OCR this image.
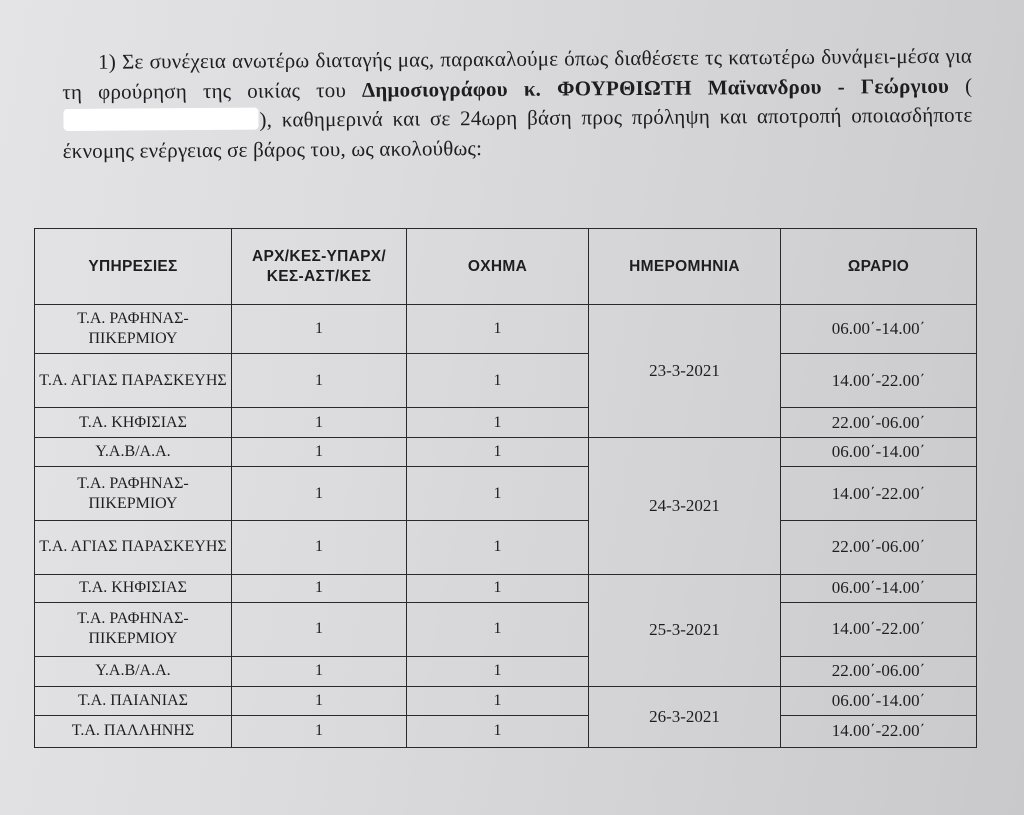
1) Σε συνέχεια ανωτέρω διαταγής μας, παρακαλούμε όπως διαθέσετε τς κατωτέρω δυνάμει-μέσα για τη φρούρηση της οικίας του Δημοσιογράφου κ. ΦΟΥΡΘΙΩΤΗ Μαϊνανδρου - Γεώργιου (), καθημερινά και σε 24ωρη βάση προς πρόληψη και αποτροπή οποιασδήποτε έκνομης ενέργειας σε βάρος του, ως ακολούθως:
ΥΠΗΡΕΣΙΕΣ	ΑΡΧ/ΚΕΣ-ΥΠΑΡΧ/ΚΕΣ-ΑΣΤ/ΚΕΣ	ΟΧΗΜΑ	ΗΜΕΡΟΜΗΝΙΑ	ΩΡΑΡΙΟ
Τ.Α. ΡΑΦΗΝΑΣ-ΠΙΚΕΡΜΙΟΥ	1	1	23-3-2021	06.00΄-14.00΄
Τ.Α. ΑΓΙΑΣ ΠΑΡΑΣΚΕΥΗΣ	1	1		14.00΄-22.00΄
Τ.Α. ΚΗΦΙΣΙΑΣ	1	1		22.00΄-06.00΄
Υ.Α.Β/Α.Α.	1	1	24-3-2021	06.00΄-14.00΄
Τ.Α. ΡΑΦΗΝΑΣ-ΠΙΚΕΡΜΙΟΥ	1	1		14.00΄-22.00΄
Τ.Α. ΑΓΙΑΣ ΠΑΡΑΣΚΕΥΗΣ	1	1		22.00΄-06.00΄
Τ.Α. ΚΗΦΙΣΙΑΣ	1	1	25-3-2021	06.00΄-14.00΄
Τ.Α. ΡΑΦΗΝΑΣ-ΠΙΚΕΡΜΙΟΥ	1	1		14.00΄-22.00΄
Υ.Α.Β/Α.Α.	1	1		22.00΄-06.00΄
Τ.Α. ΠΑΙΑΝΙΑΣ	1	1	26-3-2021	06.00΄-14.00΄
Τ.Α. ΠΑΛΛΗΝΗΣ	1	1		14.00΄-22.00΄
